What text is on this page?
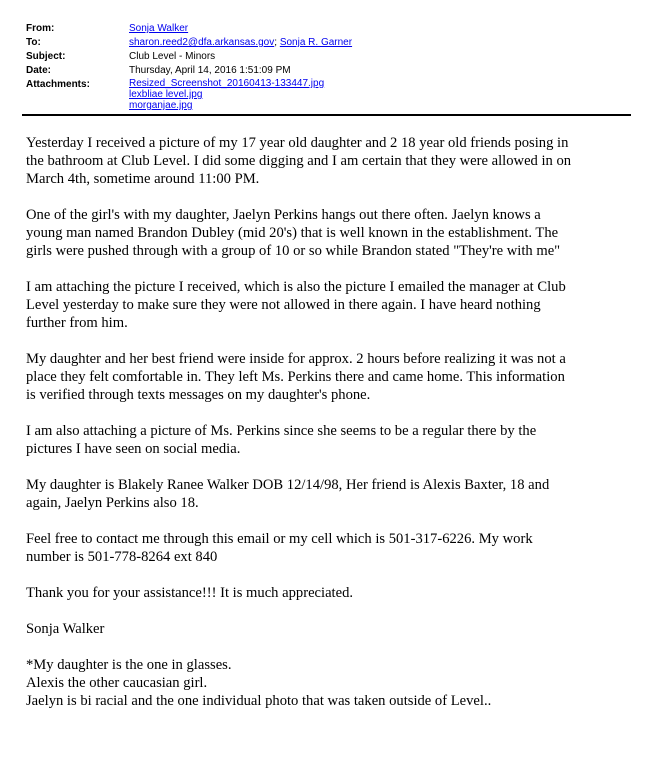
From:	Sonja Walker
To:	sharon.reed2@dfa.arkansas.gov; Sonja R. Garner
Subject:	Club Level - Minors
Date:	Thursday, April 14, 2016 1:51:09 PM
Attachments:	Resized_Screenshot_20160413-133447.jpg
lexbliae level.jpg
morganjae.jpg

Yesterday I received a picture of my 17 year old daughter and 2 18 year old friends posing in
the bathroom at Club Level. I did some digging and I am certain that they were allowed in on
March 4th, sometime around 11:00 PM.

One of the girl's with my daughter, Jaelyn Perkins hangs out there often. Jaelyn knows a
young man named Brandon Dubley (mid 20's) that is well known in the establishment. The
girls were pushed through with a group of 10 or so while Brandon stated "They're with me"

I am attaching the picture I received, which is also the picture I emailed the manager at Club
Level yesterday to make sure they were not allowed in there again. I have heard nothing
further from him.

My daughter and her best friend were inside for approx. 2 hours before realizing it was not a
place they felt comfortable in. They left Ms. Perkins there and came home. This information
is verified through texts messages on my daughter's phone.

I am also attaching a picture of Ms. Perkins since she seems to be a regular there by the
pictures I have seen on social media.

My daughter is Blakely Ranee Walker DOB 12/14/98, Her friend is Alexis Baxter, 18 and
again, Jaelyn Perkins also 18.

Feel free to contact me through this email or my cell which is 501-317-6226. My work
number is 501-778-8264 ext 840

Thank you for your assistance!!! It is much appreciated.

Sonja Walker

*My daughter is the one in glasses.
Alexis the other caucasian girl.
Jaelyn is bi racial and the one individual photo that was taken outside of Level..
